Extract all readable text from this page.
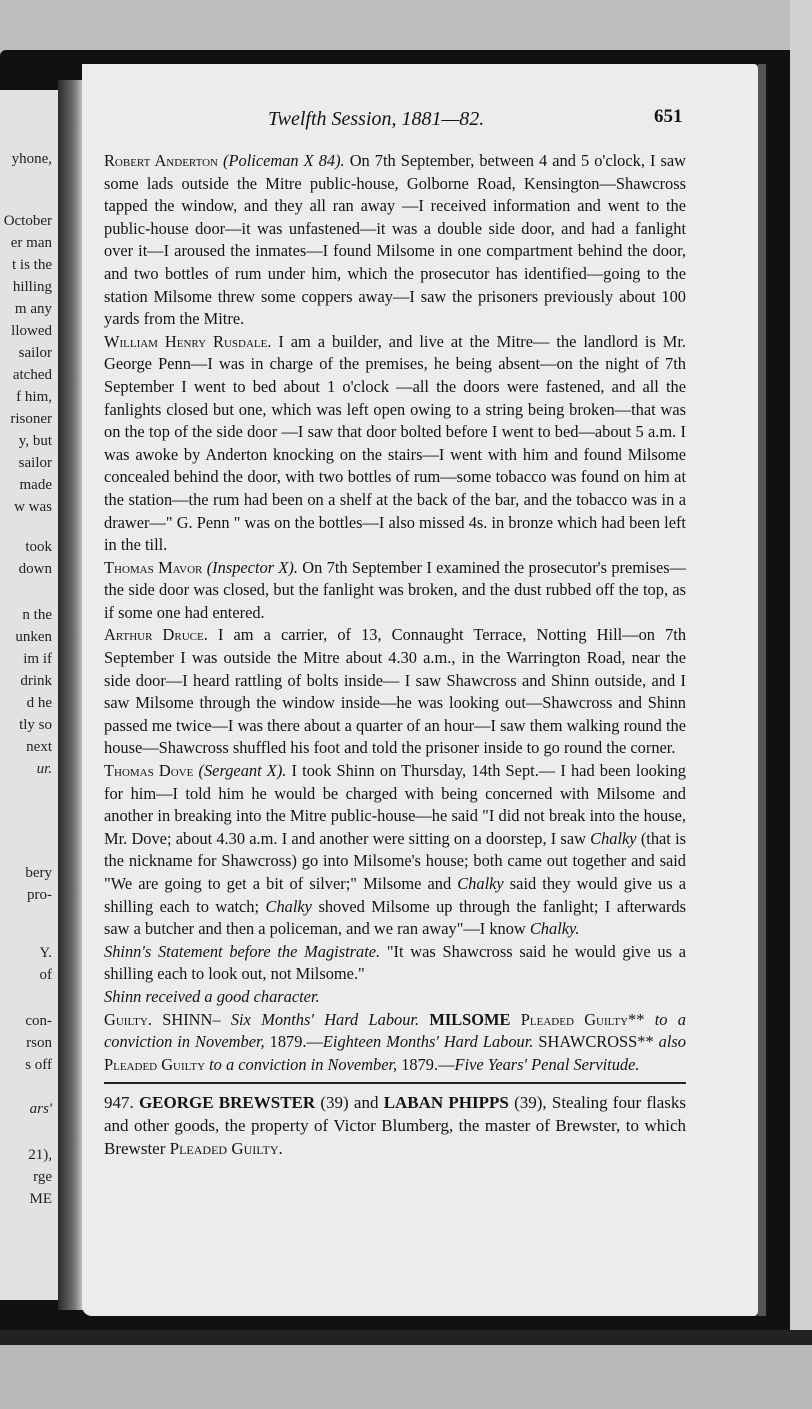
yhone,
October
er man
t is the
hilling
m any
llowed
sailor
atched
f him,
risoner
y, but
sailor
made
w was
took
down
n the
unken
im if
drink
d he
tly so
next
ur.
bery
pro-
Y.
of
con-
rson
s off
ars'
21),
rge
ME
Twelfth Session, 1881—82.	651

Robert Anderton (Policeman X 84). On 7th September, between 4 and 5 o'clock, I saw some lads outside the Mitre public-house, Golborne Road, Kensington—Shawcross tapped the window, and they all ran away —I received information and went to the public-house door—it was unfastened—it was a double side door, and had a fanlight over it—I aroused the inmates—I found Milsome in one compartment behind the door, and two bottles of rum under him, which the prosecutor has identified—going to the station Milsome threw some coppers away—I saw the prisoners previously about 100 yards from the Mitre.

William Henry Rusdale. I am a builder, and live at the Mitre— the landlord is Mr. George Penn—I was in charge of the premises, he being absent—on the night of 7th September I went to bed about 1 o'clock —all the doors were fastened, and all the fanlights closed but one, which was left open owing to a string being broken—that was on the top of the side door —I saw that door bolted before I went to bed—about 5 a.m. I was awoke by Anderton knocking on the stairs—I went with him and found Milsome concealed behind the door, with two bottles of rum—some tobacco was found on him at the station—the rum had been on a shelf at the back of the bar, and the tobacco was in a drawer—" G. Penn " was on the bottles—I also missed 4s. in bronze which had been left in the till.

Thomas Mavor (Inspector X). On 7th September I examined the prosecutor's premises—the side door was closed, but the fanlight was broken, and the dust rubbed off the top, as if some one had entered.

Arthur Druce. I am a carrier, of 13, Connaught Terrace, Notting Hill—on 7th September I was outside the Mitre about 4.30 a.m., in the Warrington Road, near the side door—I heard rattling of bolts inside— I saw Shawcross and Shinn outside, and I saw Milsome through the window inside—he was looking out—Shawcross and Shinn passed me twice—I was there about a quarter of an hour—I saw them walking round the house—Shawcross shuffled his foot and told the prisoner inside to go round the corner.

Thomas Dove (Sergeant X). I took Shinn on Thursday, 14th Sept.— I had been looking for him—I told him he would be charged with being concerned with Milsome and another in breaking into the Mitre public-house—he said "I did not break into the house, Mr. Dove; about 4.30 a.m. I and another were sitting on a doorstep, I saw Chalky (that is the nickname for Shawcross) go into Milsome's house; both came out together and said "We are going to get a bit of silver;" Milsome and Chalky said they would give us a shilling each to watch; Chalky shoved Milsome up through the fanlight; I afterwards saw a butcher and then a policeman, and we ran away"—I know Chalky.

Shinn's Statement before the Magistrate. "It was Shawcross said he would give us a shilling each to look out, not Milsome."

Shinn received a good character.

Guilty. SHINN– Six Months' Hard Labour. MILSOME Pleaded Guilty** to a conviction in November, 1879.—Eighteen Months' Hard Labour. SHAWCROSS** also Pleaded Guilty to a conviction in November, 1879.—Five Years' Penal Servitude.

947. GEORGE BREWSTER (39) and LABAN PHIPPS (39), Stealing four flasks and other goods, the property of Victor Blumberg, the master of Brewster, to which Brewster Pleaded Guilty.
